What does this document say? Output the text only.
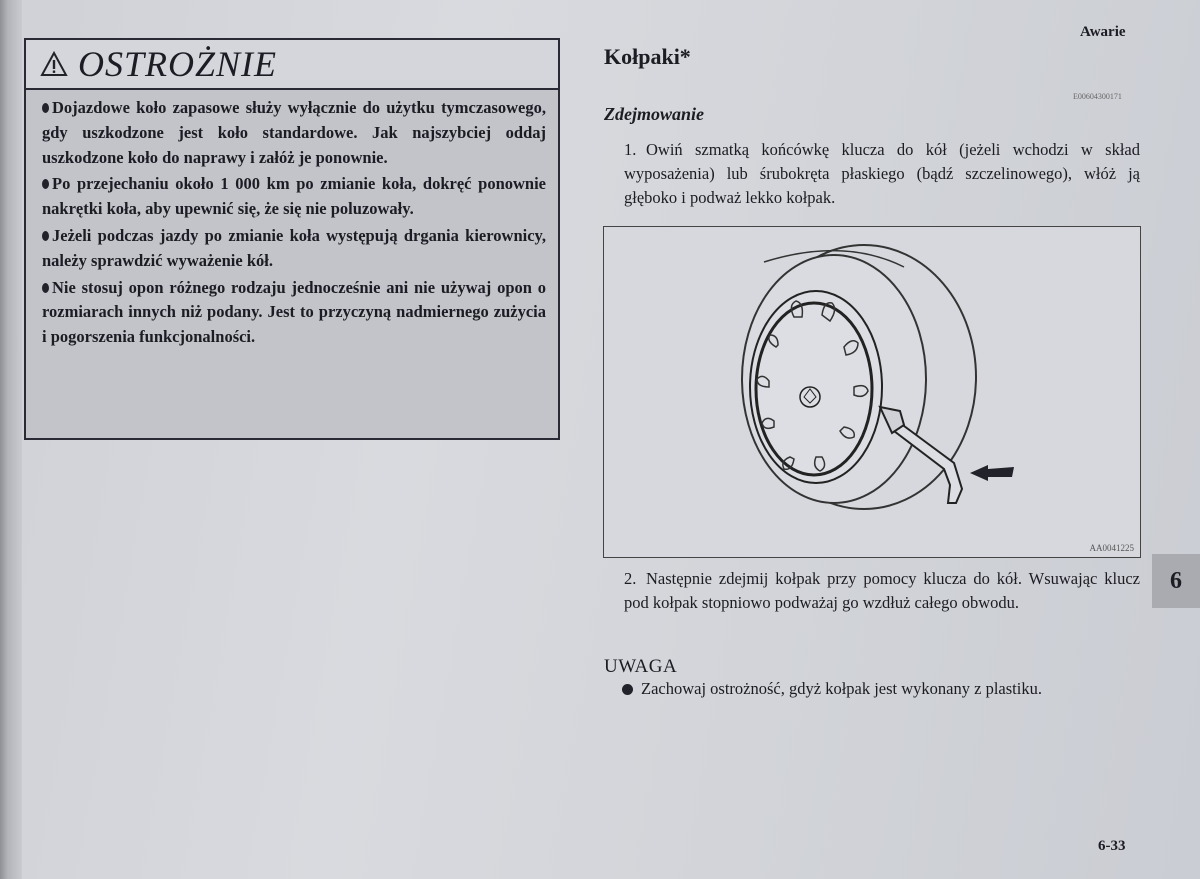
Awarie
OSTROŻNIE

Dojazdowe koło zapasowe służy wyłącznie do użytku tymczasowego, gdy uszkodzone jest koło standardowe. Jak najszybciej oddaj uszkodzone koło do naprawy i załóż je ponownie.

Po przejechaniu około 1 000 km po zmianie koła, dokręć ponownie nakrętki koła, aby upewnić się, że się nie poluzowały.

Jeżeli podczas jazdy po zmianie koła występują drgania kierownicy, należy sprawdzić wyważenie kół.

Nie stosuj opon różnego rodzaju jednocześnie ani nie używaj opon o rozmiarach innych niż podany. Jest to przyczyną nadmiernego zużycia i pogorszenia funkcjonalności.

Kołpaki*
E00604300171
Zdejmowanie
1. Owiń szmatką końcówkę klucza do kół (jeżeli wchodzi w skład wyposażenia) lub śrubokręta płaskiego (bądź szczelinowego), włóż ją głęboko i podważ lekko kołpak.
AA0041225
2. Następnie zdejmij kołpak przy pomocy klucza do kół. Wsuwając klucz pod kołpak stopniowo podważaj go wzdłuż całego obwodu.
6
UWAGA
Zachowaj ostrożność, gdyż kołpak jest wykonany z plastiku.
6-33
